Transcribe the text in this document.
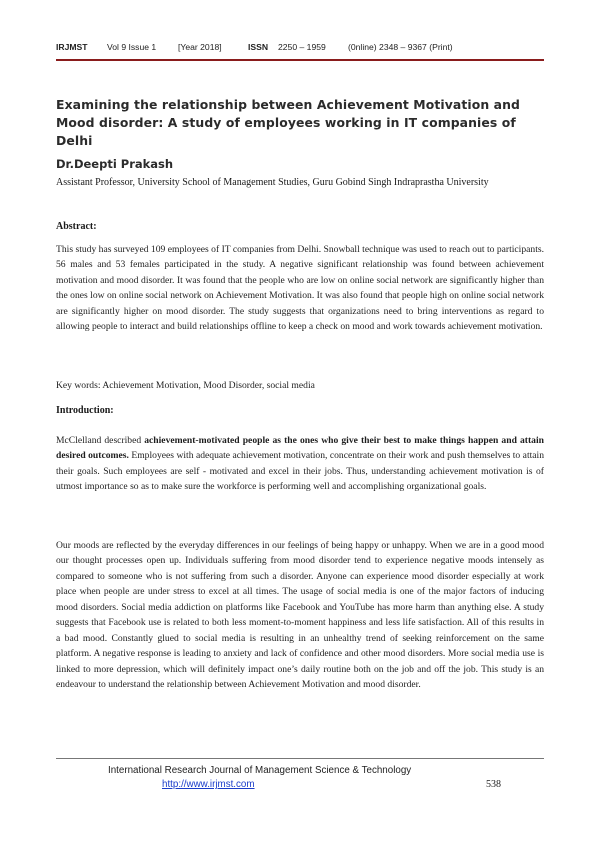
IRJMST Vol 9 Issue 1	[Year 2018]	ISSN 2250 – 1959	(0nline) 2348 – 9367 (Print)
Examining the relationship between Achievement Motivation and Mood disorder: A study of employees working in IT companies of Delhi
Dr.Deepti Prakash
Assistant Professor, University School of Management Studies, Guru Gobind Singh Indraprastha University
Abstract:
This study has surveyed 109 employees of IT companies from Delhi. Snowball technique was used to reach out to participants. 56 males and 53 females participated in the study. A negative significant relationship was found between achievement motivation and mood disorder. It was found that the people who are low on online social network are significantly higher than the ones low on online social network on Achievement Motivation. It was also found that people high on online social network are significantly higher on mood disorder. The study suggests that organizations need to bring interventions as regard to allowing people to interact and build relationships offline to keep a check on mood and work towards achievement motivation.
Key words: Achievement Motivation, Mood Disorder, social media
Introduction:
McClelland described achievement-motivated people as the ones who give their best to make things happen and attain desired outcomes. Employees with adequate achievement motivation, concentrate on their work and push themselves to attain their goals. Such employees are self - motivated and excel in their jobs. Thus, understanding achievement motivation is of utmost importance so as to make sure the workforce is performing well and accomplishing organizational goals.
Our moods are reflected by the everyday differences in our feelings of being happy or unhappy. When we are in a good mood our thought processes open up. Individuals suffering from mood disorder tend to experience negative moods intensely as compared to someone who is not suffering from such a disorder. Anyone can experience mood disorder especially at work place when people are under stress to excel at all times. The usage of social media is one of the major factors of inducing mood disorders. Social media addiction on platforms like Facebook and YouTube has more harm than anything else. A study suggests that Facebook use is related to both less moment-to-moment happiness and less life satisfaction. All of this results in a bad mood. Constantly glued to social media is resulting in an unhealthy trend of seeking reinforcement on the same platform. A negative response is leading to anxiety and lack of confidence and other mood disorders. More social media use is linked to more depression, which will definitely impact one’s daily routine both on the job and off the job. This study is an endeavour to understand the relationship between Achievement Motivation and mood disorder.
International Research Journal of Management Science & Technology
http://www.irjmst.com	538
